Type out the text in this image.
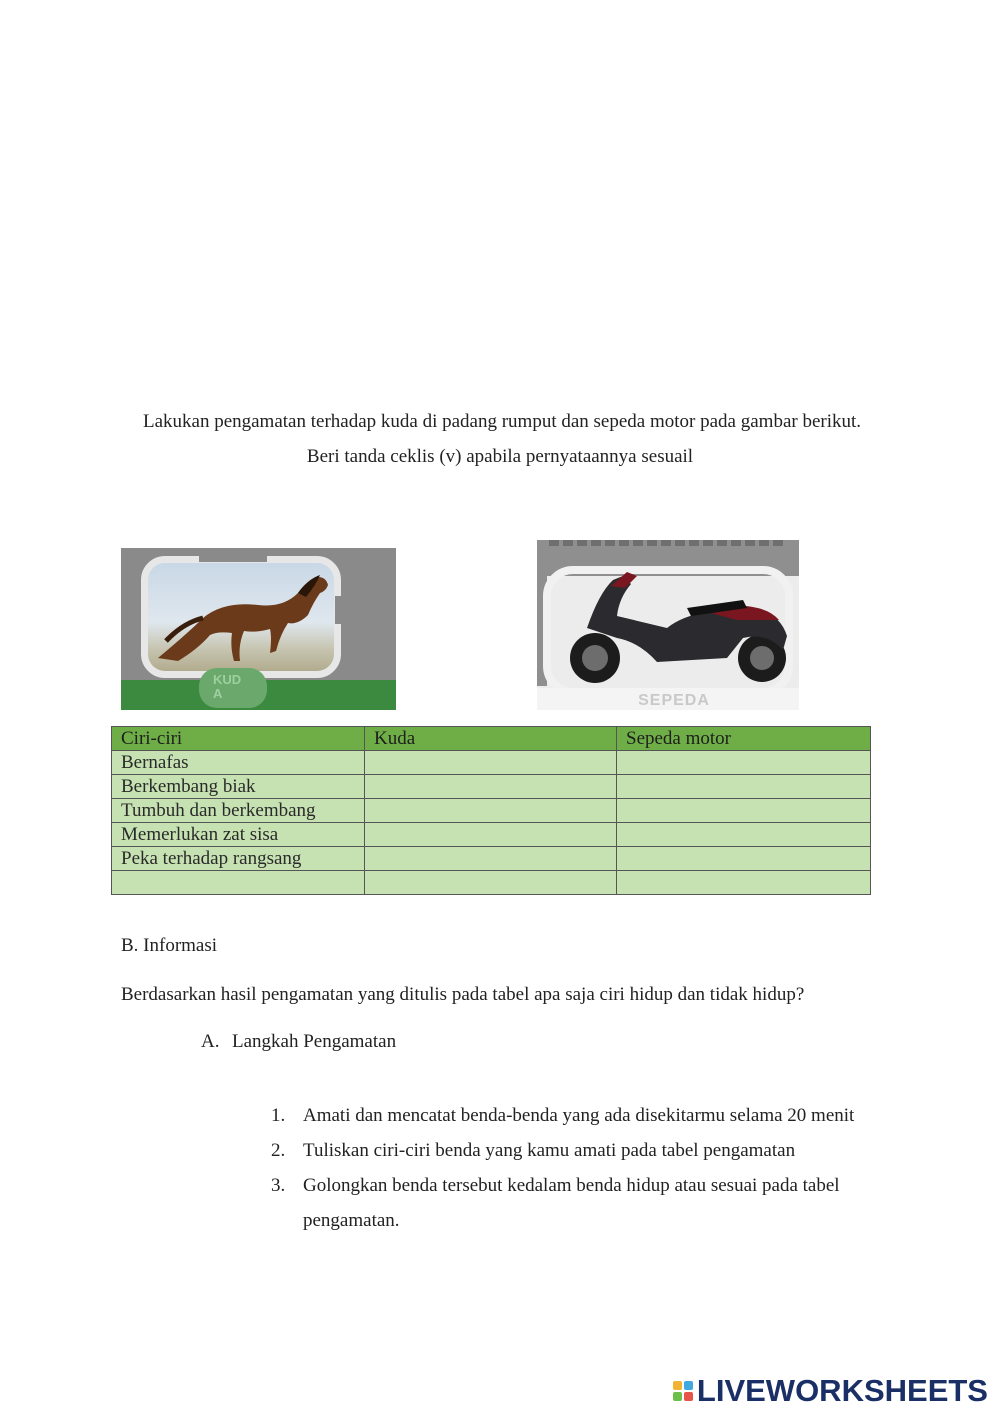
Lakukan pengamatan terhadap kuda di padang rumput dan sepeda motor pada gambar berikut.
Beri tanda ceklis (v) apabila pernyataannya sesuail
KUD
A	SEPEDA
Ciri-ciri	Kuda	Sepeda motor
Bernafas		
Berkembang biak		
Tumbuh dan berkembang		
Memerlukan zat sisa		
Peka terhadap rangsang		

B. Informasi
Berdasarkan hasil pengamatan yang ditulis pada tabel apa saja ciri hidup dan tidak hidup?
A. Langkah Pengamatan
1. Amati dan mencatat benda-benda yang ada disekitarmu selama 20 menit
2. Tuliskan ciri-ciri benda yang kamu amati pada tabel pengamatan
3. Golongkan benda tersebut kedalam benda hidup atau sesuai pada tabel pengamatan.
LIVEWORKSHEETS
